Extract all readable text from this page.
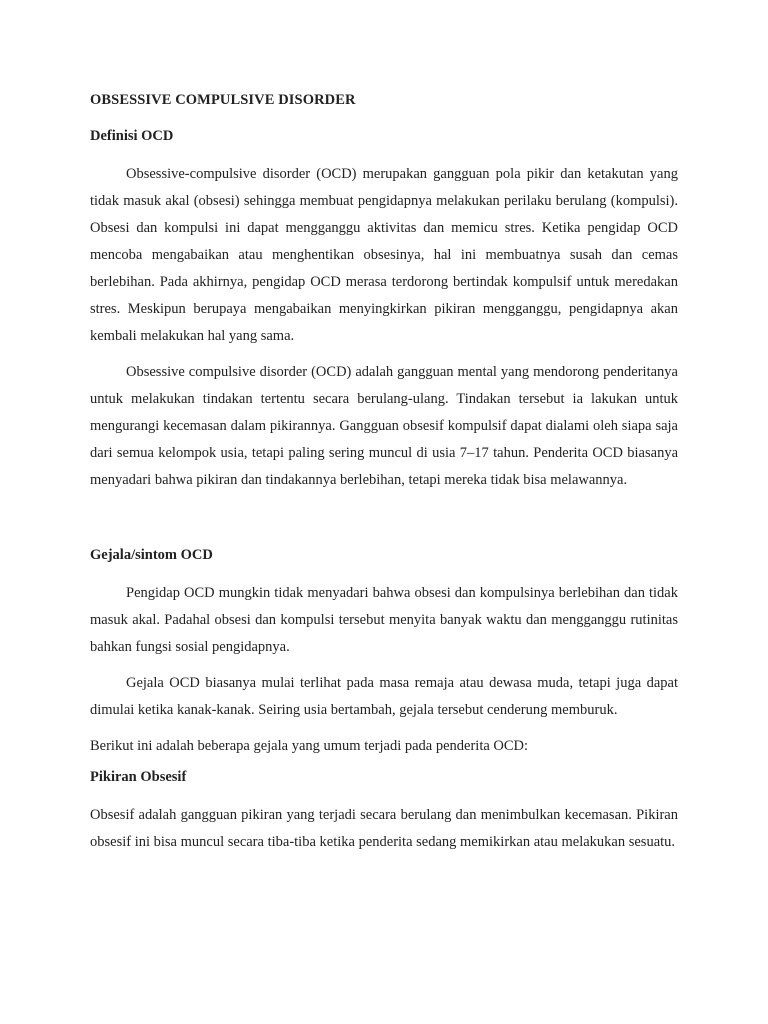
OBSESSIVE COMPULSIVE DISORDER
Definisi OCD

Obsessive-compulsive disorder (OCD) merupakan gangguan pola pikir dan ketakutan yang tidak masuk akal (obsesi) sehingga membuat pengidapnya melakukan perilaku berulang (kompulsi). Obsesi dan kompulsi ini dapat mengganggu aktivitas dan memicu stres. Ketika pengidap OCD mencoba mengabaikan atau menghentikan obsesinya, hal ini membuatnya susah dan cemas berlebihan. Pada akhirnya, pengidap OCD merasa terdorong bertindak kompulsif untuk meredakan stres. Meskipun berupaya mengabaikan menyingkirkan pikiran mengganggu, pengidapnya akan kembali melakukan hal yang sama.

Obsessive compulsive disorder (OCD) adalah gangguan mental yang mendorong penderitanya untuk melakukan tindakan tertentu secara berulang-ulang. Tindakan tersebut ia lakukan untuk mengurangi kecemasan dalam pikirannya. Gangguan obsesif kompulsif dapat dialami oleh siapa saja dari semua kelompok usia, tetapi paling sering muncul di usia 7–17 tahun. Penderita OCD biasanya menyadari bahwa pikiran dan tindakannya berlebihan, tetapi mereka tidak bisa melawannya.

Gejala/sintom OCD

Pengidap OCD mungkin tidak menyadari bahwa obsesi dan kompulsinya berlebihan dan tidak masuk akal. Padahal obsesi dan kompulsi tersebut menyita banyak waktu dan mengganggu rutinitas bahkan fungsi sosial pengidapnya.

Gejala OCD biasanya mulai terlihat pada masa remaja atau dewasa muda, tetapi juga dapat dimulai ketika kanak-kanak. Seiring usia bertambah, gejala tersebut cenderung memburuk.

Berikut ini adalah beberapa gejala yang umum terjadi pada penderita OCD:

Pikiran Obsesif

Obsesif adalah gangguan pikiran yang terjadi secara berulang dan menimbulkan kecemasan. Pikiran obsesif ini bisa muncul secara tiba-tiba ketika penderita sedang memikirkan atau melakukan sesuatu.
